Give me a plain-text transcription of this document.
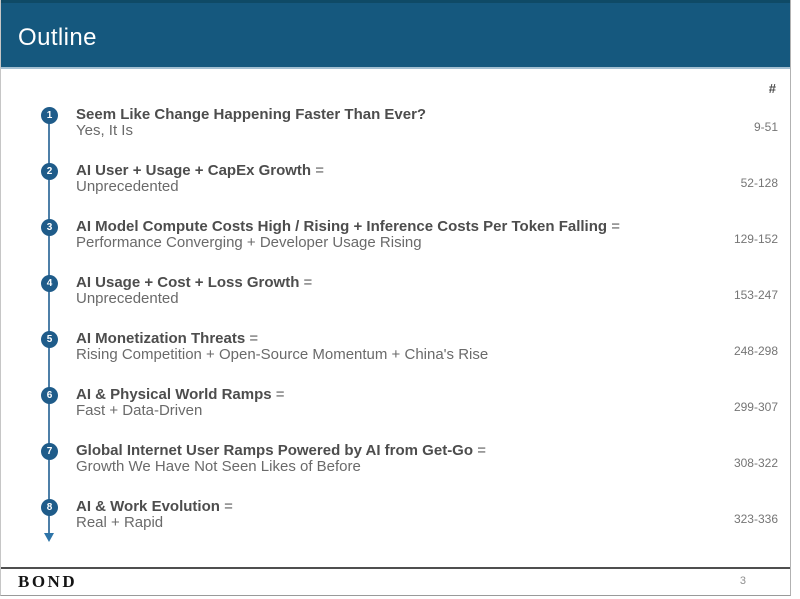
Outline
#
1	Seem Like Change Happening Faster Than Ever?
Yes, It Is	9-51
2	AI User + Usage + CapEx Growth =
Unprecedented	52-128
3	AI Model Compute Costs High / Rising + Inference Costs Per Token Falling =
Performance Converging + Developer Usage Rising	129-152
4	AI Usage + Cost + Loss Growth =
Unprecedented	153-247
5	AI Monetization Threats =
Rising Competition + Open-Source Momentum + China's Rise	248-298
6	AI & Physical World Ramps =
Fast + Data-Driven	299-307
7	Global Internet User Ramps Powered by AI from Get-Go =
Growth We Have Not Seen Likes of Before	308-322
8	AI & Work Evolution =
Real + Rapid	323-336
BOND	3
